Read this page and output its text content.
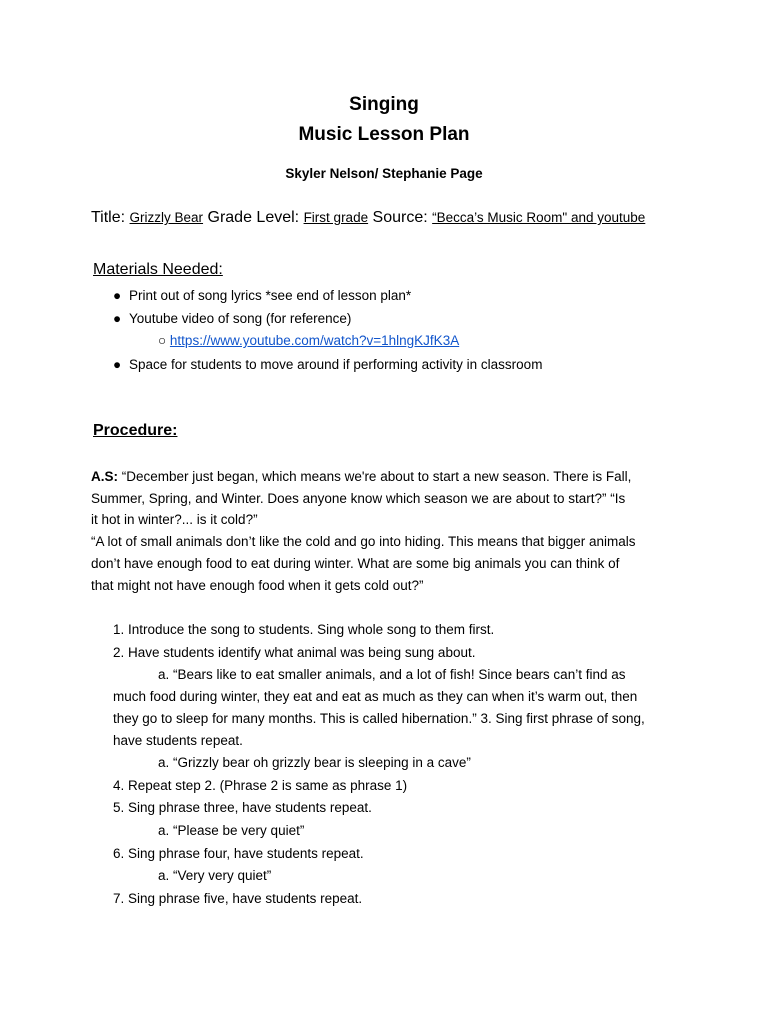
Singing
Music Lesson Plan
Skyler Nelson/ Stephanie Page
Title: Grizzly Bear Grade Level: First grade Source: “Becca’s Music Room" and youtube
Materials Needed:
● Print out of song lyrics *see end of lesson plan*
● Youtube video of song (for reference)
○ https://www.youtube.com/watch?v=1hlngKJfK3A
● Space for students to move around if performing activity in classroom
Procedure:
A.S: “December just began, which means we're about to start a new season. There is Fall,
Summer, Spring, and Winter. Does anyone know which season we are about to start?” “Is
it hot in winter?... is it cold?”
“A lot of small animals don’t like the cold and go into hiding. This means that bigger animals
don’t have enough food to eat during winter. What are some big animals you can think of
that might not have enough food when it gets cold out?”
1. Introduce the song to students. Sing whole song to them first.
2. Have students identify what animal was being sung about.
a. “Bears like to eat smaller animals, and a lot of fish! Since bears can’t find as
much food during winter, they eat and eat as much as they can when it’s warm out, then
they go to sleep for many months. This is called hibernation.” 3. Sing first phrase of song,
have students repeat.
a. “Grizzly bear oh grizzly bear is sleeping in a cave”
4. Repeat step 2. (Phrase 2 is same as phrase 1)
5. Sing phrase three, have students repeat.
a. “Please be very quiet”
6. Sing phrase four, have students repeat.
a. “Very very quiet”
7. Sing phrase five, have students repeat.
